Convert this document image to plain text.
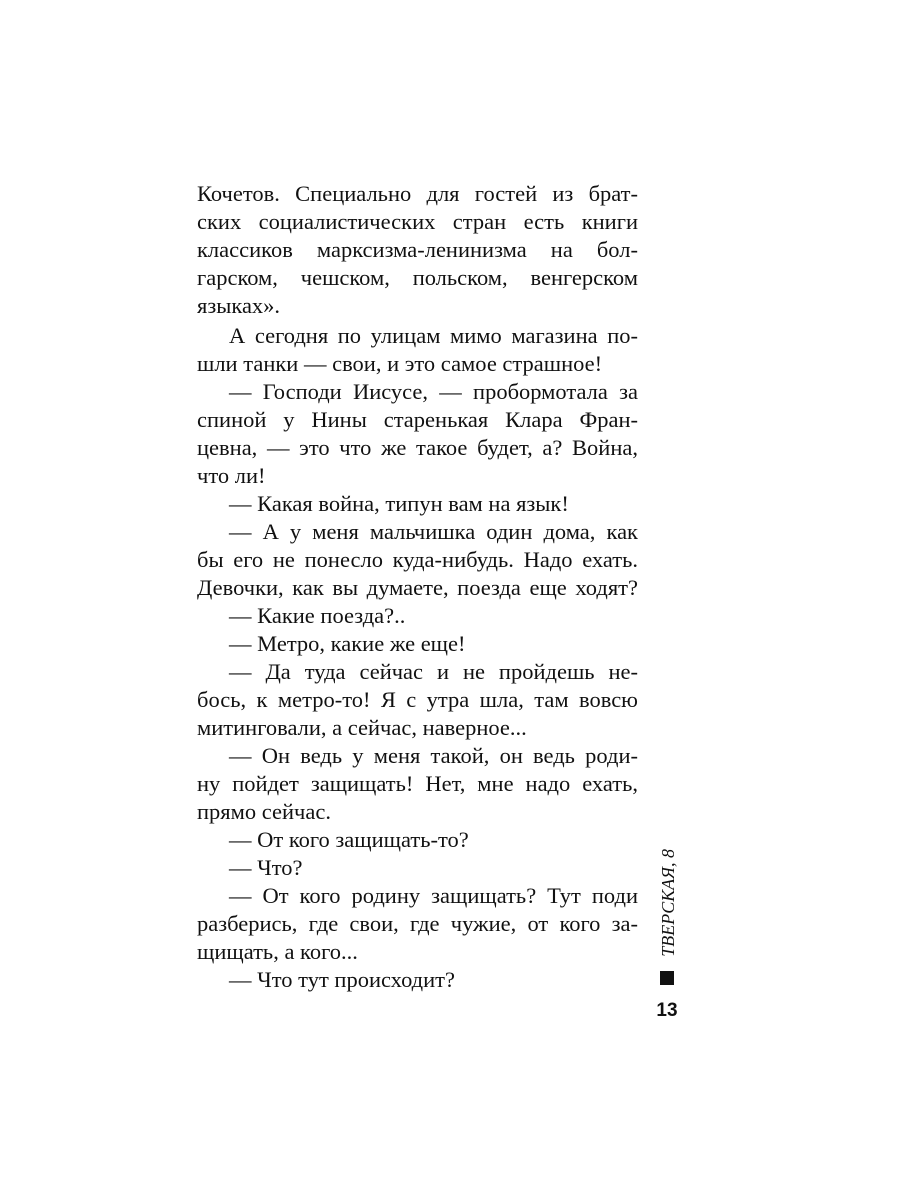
Кочетов. Специально для гостей из брат-
ских социалистических стран есть книги
классиков марксизма-ленинизма на бол-
гарском, чешском, польском, венгерском
языках».
А сегодня по улицам мимо магазина по-
шли танки — свои, и это самое страшное!
— Господи Иисусе, — пробормотала за
спиной у Нины старенькая Клара Фран-
цевна, — это что же такое будет, а? Война,
что ли!
— Какая война, типун вам на язык!
— А у меня мальчишка один дома, как
бы его не понесло куда-нибудь. Надо ехать.
Девочки, как вы думаете, поезда еще ходят?
— Какие поезда?..
— Метро, какие же еще!
— Да туда сейчас и не пройдешь не-
бось, к метро-то! Я с утра шла, там вовсю
митинговали, а сейчас, наверное...
— Он ведь у меня такой, он ведь роди-
ну пойдет защищать! Нет, мне надо ехать,
прямо сейчас.
— От кого защищать-то?
— Что?
— От кого родину защищать? Тут поди
разберись, где свои, где чужие, от кого за-
щищать, а кого...
— Что тут происходит?
ТВЕРСКАЯ, 8
13
